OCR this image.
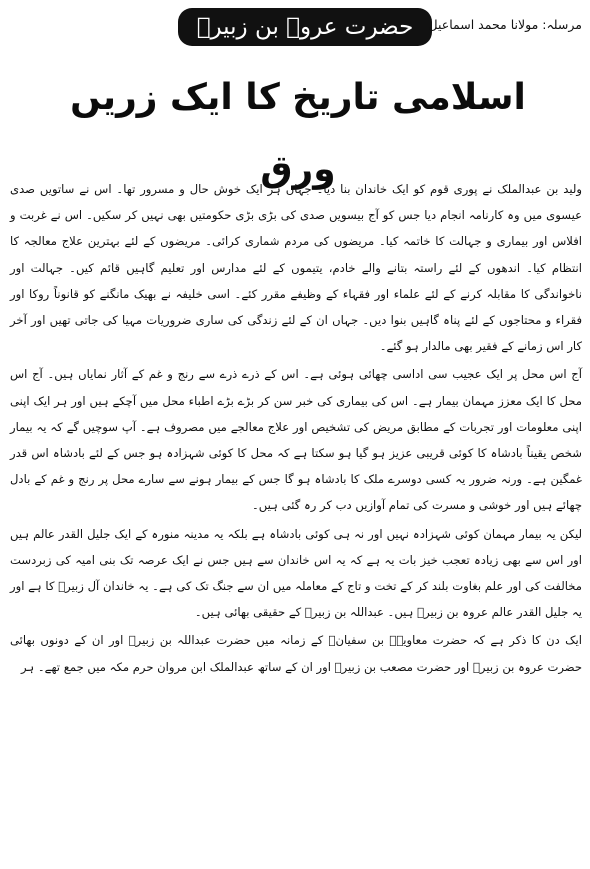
حضرت عروہ بن زبیرؓ	مرسلہ: مولانا محمد اسماعیل
اسلامی تاریخ کا ایک زریں ورق

ولید بن عبدالملک نے پوری قوم کو ایک خاندان بنا دیا۔ جہاں ہر ایک خوش حال و مسرور تھا۔ اس نے ساتویں صدی عیسوی میں وہ کارنامہ انجام دیا جس کو آج بیسویں صدی کی بڑی بڑی حکومتیں بھی نہیں کر سکیں۔ اس نے غربت و افلاس اور بیماری و جہالت کا خاتمہ کیا۔ مریضوں کی مردم شماری کرائی۔ مریضوں کے لئے بہترین علاج معالجہ کا انتظام کیا۔ اندھوں کے لئے راستہ بتانے والے خادم، یتیموں کے لئے مدارس اور تعلیم گاہیں قائم کیں۔ جہالت اور ناخواندگی کا مقابلہ کرنے کے لئے علماء اور فقہاء کے وظیفے مقرر کئے۔ اسی خلیفہ نے بھیک مانگنے کو قانوناً روکا اور فقراء و محتاجوں کے لئے پناہ گاہیں بنوا دیں۔ جہاں ان کے لئے زندگی کی ساری ضروریات مہیا کی جاتی تھیں اور آخر کار اس زمانے کے فقیر بھی مالدار ہو گئے۔

آج اس محل پر ایک عجیب سی اداسی چھائی ہوئی ہے۔ اس کے ذرے ذرے سے رنج و غم کے آثار نمایاں ہیں۔ آج اس محل کا ایک معزز مہمان بیمار ہے۔ اس کی بیماری کی خبر سن کر بڑے بڑے اطباء محل میں آچکے ہیں اور ہر ایک اپنی اپنی معلومات اور تجربات کے مطابق مریض کی تشخیص اور علاج معالجے میں مصروف ہے۔ آپ سوچیں گے کہ یہ بیمار شخص یقیناً بادشاہ کا کوئی قریبی عزیز ہو گیا ہو سکتا ہے کہ محل کا کوئی شہزادہ ہو جس کے لئے بادشاہ اس قدر غمگین ہے۔ ورنہ ضرور یہ کسی دوسرے ملک کا بادشاہ ہو گا جس کے بیمار ہونے سے سارے محل پر رنج و غم کے بادل چھائے ہیں اور خوشی و مسرت کی تمام آوازیں دب کر رہ گئی ہیں۔

لیکن یہ بیمار مہمان کوئی شہزادہ نہیں اور نہ ہی کوئی بادشاہ ہے بلکہ یہ مدینہ منورہ کے ایک جلیل القدر عالم ہیں اور اس سے بھی زیادہ تعجب خیز بات یہ ہے کہ یہ اس خاندان سے ہیں جس نے ایک عرصہ تک بنی امیہ کی زبردست مخالفت کی اور علم بغاوت بلند کر کے تخت و تاج کے معاملہ میں ان سے جنگ تک کی ہے۔ یہ خاندان آل زبیرؓ کا ہے اور یہ جلیل القدر عالم عروہ بن زبیرؒ ہیں۔ عبداللہ بن زبیرؓ کے حقیقی بھائی ہیں۔

ایک دن کا ذکر ہے کہ حضرت معاویہؓ بن سفیانؓ کے زمانہ میں حضرت عبداللہ بن زبیرؓ اور ان کے دونوں بھائی حضرت عروہ بن زبیرؒ اور حضرت مصعب بن زبیرؓ اور ان کے ساتھ عبدالملک ابن مروان حرم مکہ میں جمع تھے۔ ہر
